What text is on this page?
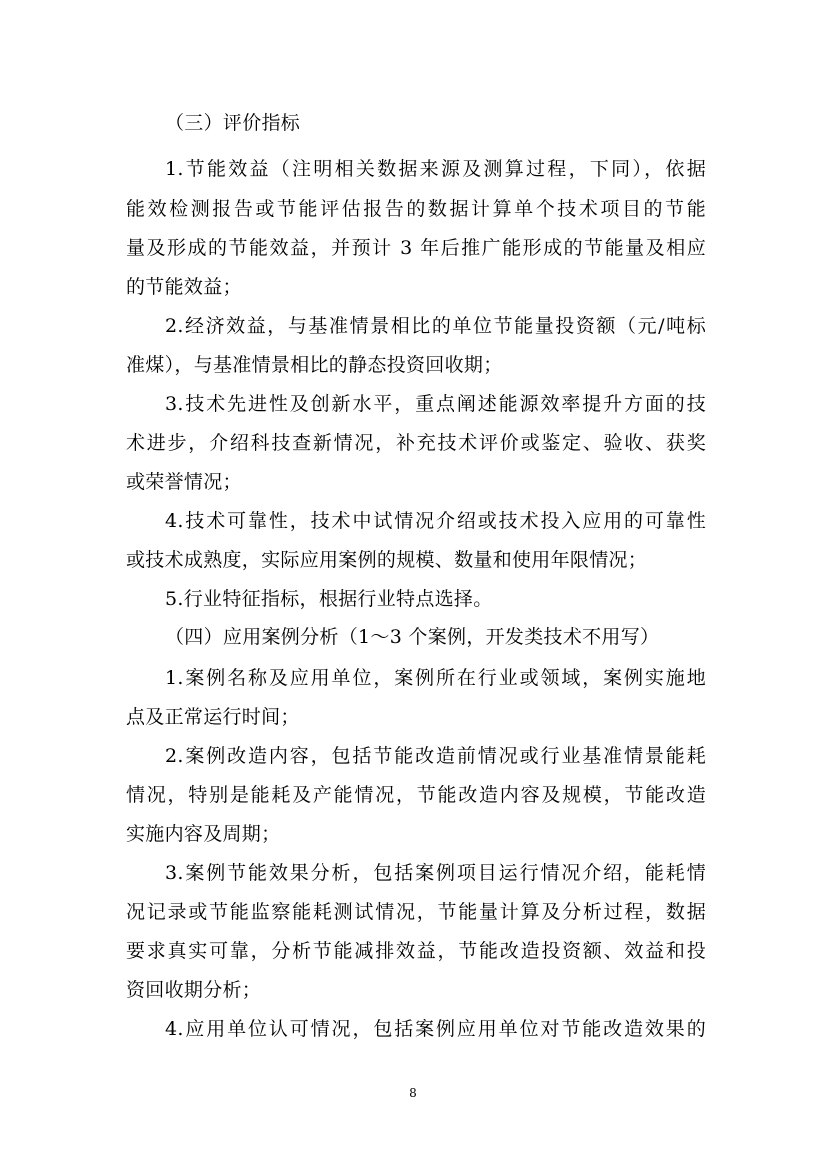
（三）评价指标
1.节能效益（注明相关数据来源及测算过程，下同），依据
能效检测报告或节能评估报告的数据计算单个技术项目的节能
量及形成的节能效益，并预计 3 年后推广能形成的节能量及相应
的节能效益；
2.经济效益，与基准情景相比的单位节能量投资额（元/吨标
准煤），与基准情景相比的静态投资回收期；
3.技术先进性及创新水平，重点阐述能源效率提升方面的技
术进步，介绍科技查新情况，补充技术评价或鉴定、验收、获奖
或荣誉情况；
4.技术可靠性，技术中试情况介绍或技术投入应用的可靠性
或技术成熟度，实际应用案例的规模、数量和使用年限情况；
5.行业特征指标，根据行业特点选择。
（四）应用案例分析（1～3 个案例，开发类技术不用写）
1.案例名称及应用单位，案例所在行业或领域，案例实施地
点及正常运行时间；
2.案例改造内容，包括节能改造前情况或行业基准情景能耗
情况，特别是能耗及产能情况，节能改造内容及规模，节能改造
实施内容及周期；
3.案例节能效果分析，包括案例项目运行情况介绍，能耗情
况记录或节能监察能耗测试情况，节能量计算及分析过程，数据
要求真实可靠，分析节能减排效益，节能改造投资额、效益和投
资回收期分析；
4.应用单位认可情况，包括案例应用单位对节能改造效果的
8
